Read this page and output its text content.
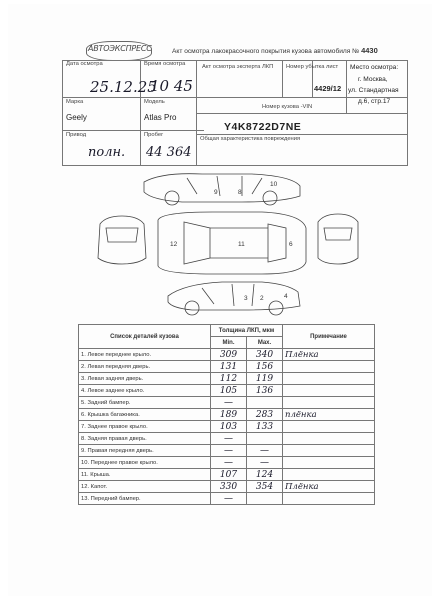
АВТОЭКСПРЕСС	Акт осмотра лакокрасочного покрытия кузова автомобиля № 4430
Дата осмотра
25.12.25
Время осмотра
10 45
Акт осмотра эксперта ЛКП Номер убытка
4429/12
лист Место осмотра:
г. Москва,
ул. Стандартная
д.6, стр.17
Марка
Geely
Модель
Atlas Pro
Номер кузова -VIN
Y4K8722D7NE
Привод
полн.
Пробег
44 364
Общая характеристика повреждения
9	8
10
12	11	6
3 2	4
Список деталей кузова	Толщина ЛКП, мкм		Примечание
	Min.	Max.	
1. Левое переднее крыло.	309	340	Плёнка
2. Левая передняя дверь.	131	156	
3. Левая задняя дверь.	112	119	
4. Левое заднее крыло.	105	136	
5. Задний бампер.	—		
6. Крышка багажника.	189	283	плёнка
7. Заднее правое крыло.	103	133	
8. Задняя правая дверь.	—		
9. Правая передняя дверь.	—	—	
10. Переднее правое крыло.	—	—	
11. Крыша.	107	124	
12. Капот.	330	354	Плёнка
13. Передний бампер.	—		
